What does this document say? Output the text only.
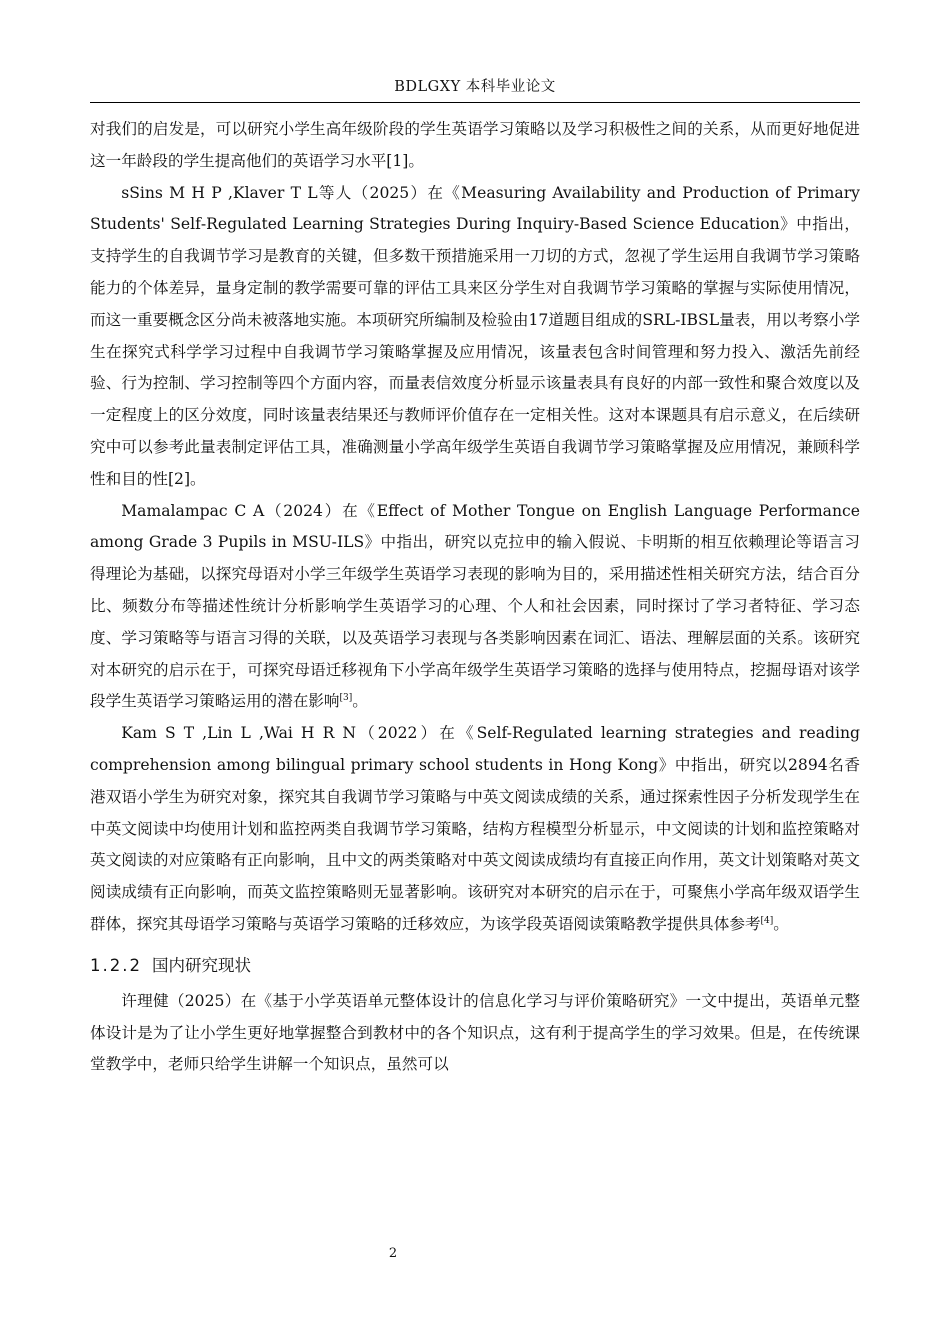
BDLGXY 本科毕业论文

对我们的启发是，可以研究小学生高年级阶段的学生英语学习策略以及学习积极性之间的关系，从而更好地促进这一年龄段的学生提高他们的英语学习水平[1]。

sSins M H P ,Klaver T L等人（2025）在《Measuring Availability and Production of Primary Students' Self‑Regulated Learning Strategies During Inquiry‑Based Science Education》中指出，支持学生的自我调节学习是教育的关键，但多数干预措施采用一刀切的方式，忽视了学生运用自我调节学习策略能力的个体差异，量身定制的教学需要可靠的评估工具来区分学生对自我调节学习策略的掌握与实际使用情况，而这一重要概念区分尚未被落地实施。本项研究所编制及检验由17道题目组成的SRL-IBSL量表，用以考察小学生在探究式科学学习过程中自我调节学习策略掌握及应用情况，该量表包含时间管理和努力投入、激活先前经验、行为控制、学习控制等四个方面内容，而量表信效度分析显示该量表具有良好的内部一致性和聚合效度以及一定程度上的区分效度，同时该量表结果还与教师评价值存在一定相关性。这对本课题具有启示意义，在后续研究中可以参考此量表制定评估工具，准确测量小学高年级学生英语自我调节学习策略掌握及应用情况，兼顾科学性和目的性[2]。

Mamalampac C A（2024）在《Effect of Mother Tongue on English Language Performance among Grade 3 Pupils in MSU-ILS》中指出，研究以克拉申的输入假说、卡明斯的相互依赖理论等语言习得理论为基础，以探究母语对小学三年级学生英语学习表现的影响为目的，采用描述性相关研究方法，结合百分比、频数分布等描述性统计分析影响学生英语学习的心理、个人和社会因素，同时探讨了学习者特征、学习态度、学习策略等与语言习得的关联，以及英语学习表现与各类影响因素在词汇、语法、理解层面的关系。该研究对本研究的启示在于，可探究母语迁移视角下小学高年级学生英语学习策略的选择与使用特点，挖掘母语对该学段学生英语学习策略运用的潜在影响[3]。

Kam S T ,Lin L ,Wai H R N（2022）在《Self-Regulated learning strategies and reading comprehension among bilingual primary school students in Hong Kong》中指出，研究以2894名香港双语小学生为研究对象，探究其自我调节学习策略与中英文阅读成绩的关系，通过探索性因子分析发现学生在中英文阅读中均使用计划和监控两类自我调节学习策略，结构方程模型分析显示，中文阅读的计划和监控策略对英文阅读的对应策略有正向影响，且中文的两类策略对中英文阅读成绩均有直接正向作用，英文计划策略对英文阅读成绩有正向影响，而英文监控策略则无显著影响。该研究对本研究的启示在于，可聚焦小学高年级双语学生群体，探究其母语学习策略与英语学习策略的迁移效应，为该学段英语阅读策略教学提供具体参考[4]。

1.2.2 国内研究现状

许理健（2025）在《基于小学英语单元整体设计的信息化学习与评价策略研究》一文中提出，英语单元整体设计是为了让小学生更好地掌握整合到教材中的各个知识点，这有利于提高学生的学习效果。但是，在传统课堂教学中，老师只给学生讲解一个知识点，虽然可以

2
